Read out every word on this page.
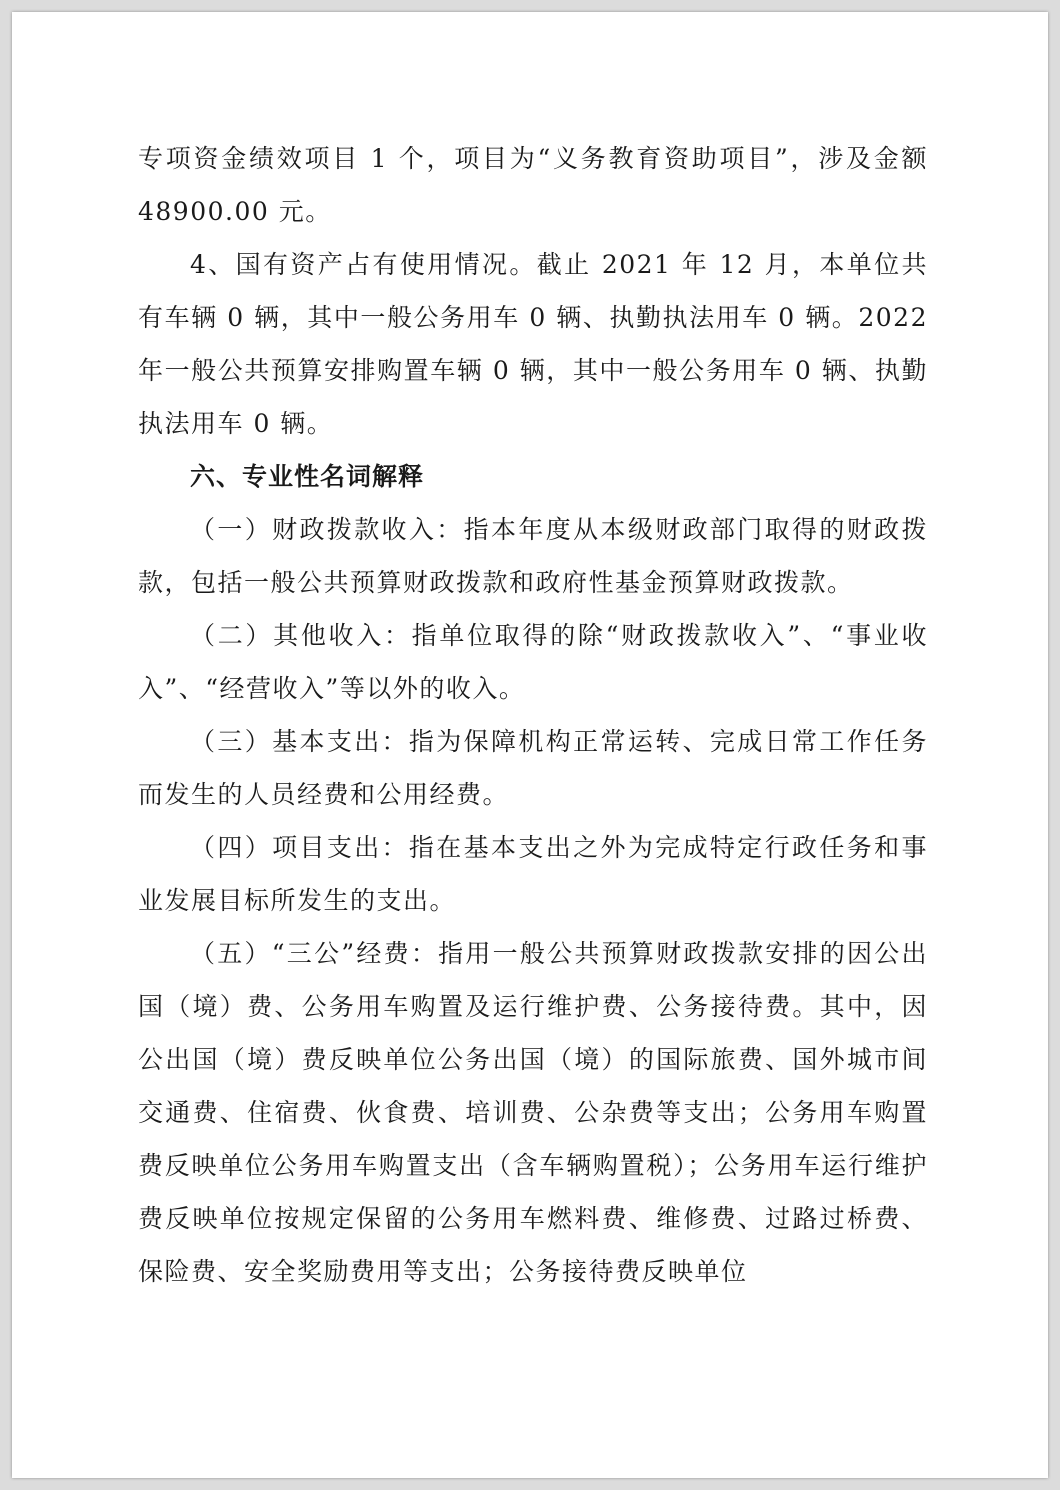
专项资金绩效项目 1 个，项目为“义务教育资助项目”，涉及金额 48900.00 元。

4、国有资产占有使用情况。截止 2021 年 12 月，本单位共有车辆 0 辆，其中一般公务用车 0 辆、执勤执法用车 0 辆。2022 年一般公共预算安排购置车辆 0 辆，其中一般公务用车 0 辆、执勤执法用车 0 辆。

六、专业性名词解释

（一）财政拨款收入：指本年度从本级财政部门取得的财政拨款，包括一般公共预算财政拨款和政府性基金预算财政拨款。

（二）其他收入：指单位取得的除“财政拨款收入”、“事业收入”、“经营收入”等以外的收入。

（三）基本支出：指为保障机构正常运转、完成日常工作任务而发生的人员经费和公用经费。

（四）项目支出：指在基本支出之外为完成特定行政任务和事业发展目标所发生的支出。

（五）“三公”经费：指用一般公共预算财政拨款安排的因公出国（境）费、公务用车购置及运行维护费、公务接待费。其中，因公出国（境）费反映单位公务出国（境）的国际旅费、国外城市间交通费、住宿费、伙食费、培训费、公杂费等支出；公务用车购置费反映单位公务用车购置支出（含车辆购置税）；公务用车运行维护费反映单位按规定保留的公务用车燃料费、维修费、过路过桥费、保险费、安全奖励费用等支出；公务接待费反映单位
